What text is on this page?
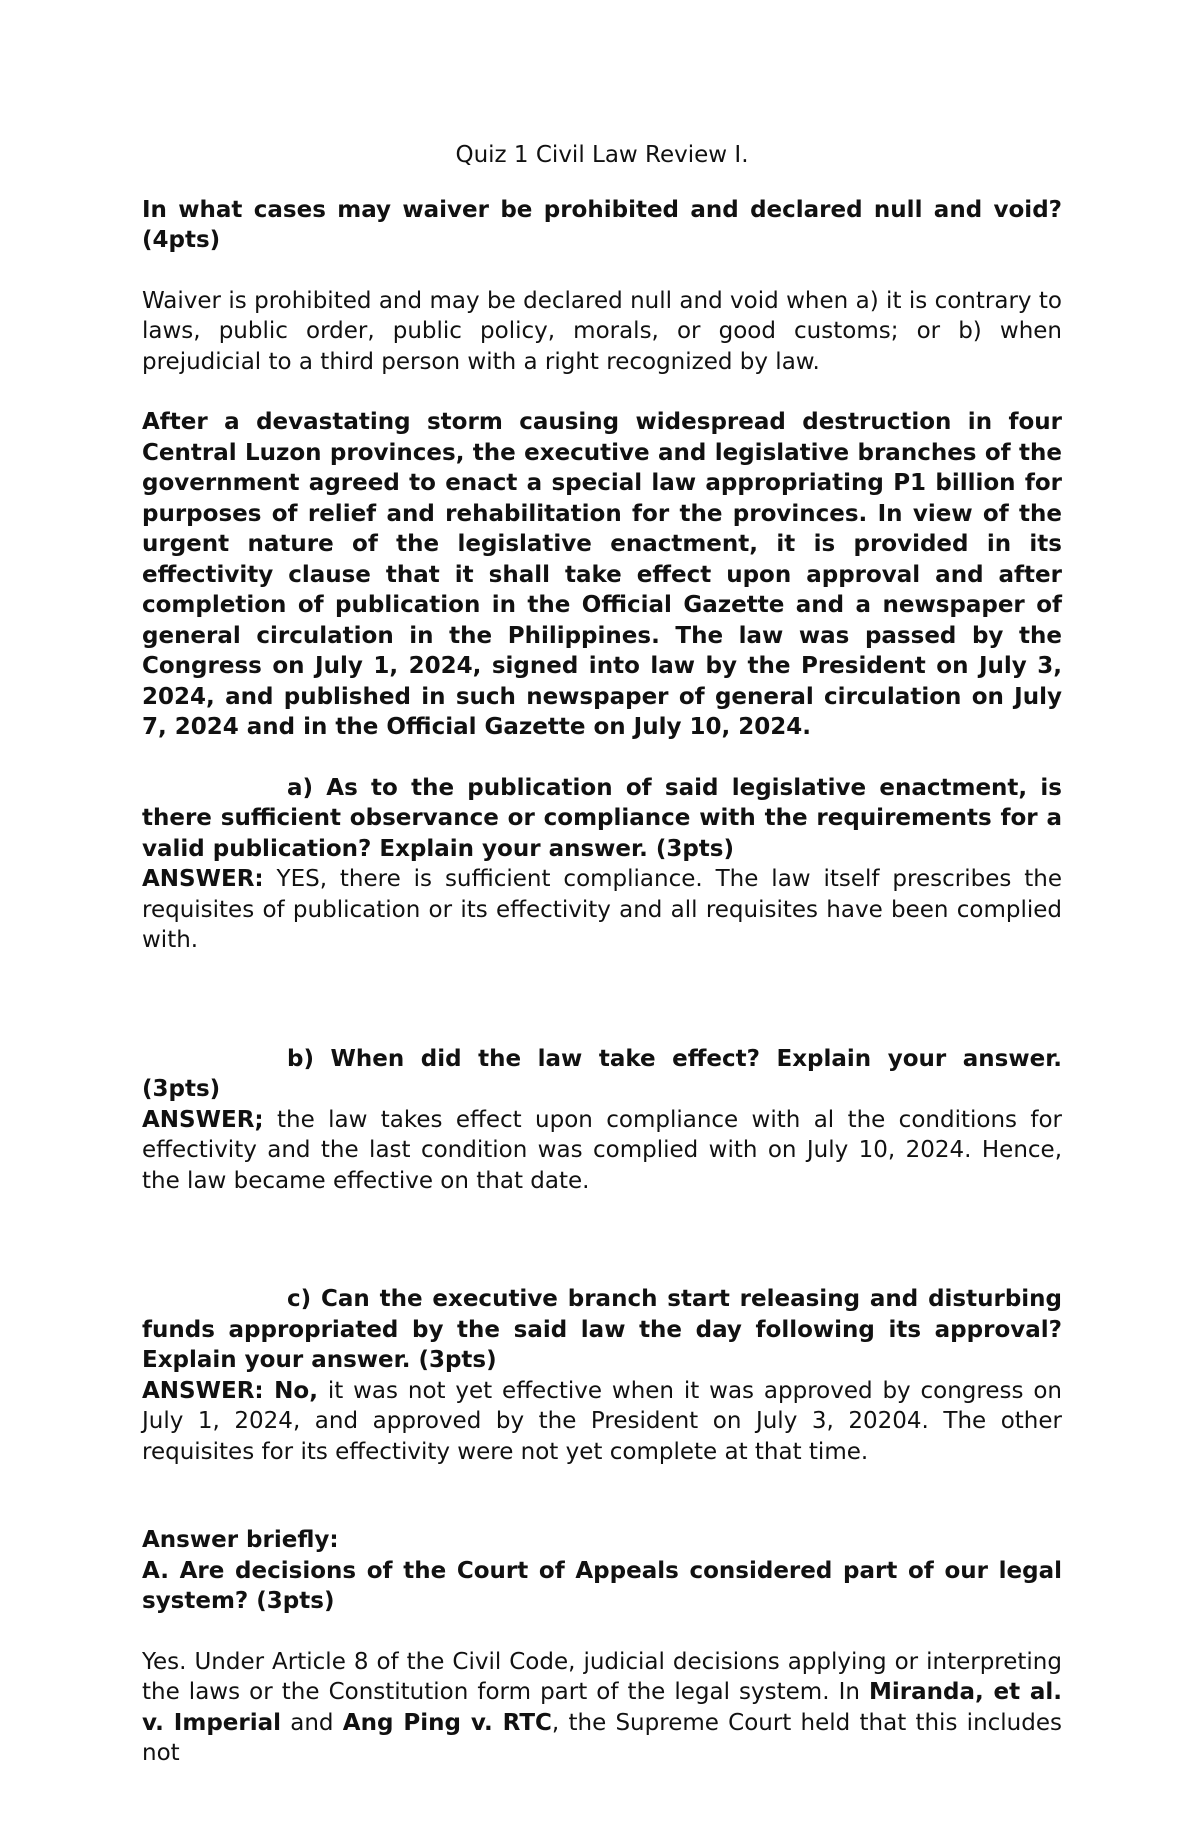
Quiz 1 Civil Law Review I.

In what cases may waiver be prohibited and declared null and void? (4pts)

Waiver is prohibited and may be declared null and void when a) it is contrary to laws, public order, public policy, morals, or good customs; or b) when prejudicial to a third person with a right recognized by law.

After a devastating storm causing widespread destruction in four Central Luzon provinces, the executive and legislative branches of the government agreed to enact a special law appropriating P1 billion for purposes of relief and rehabilitation for the provinces. In view of the urgent nature of the legislative enactment, it is provided in its effectivity clause that it shall take effect upon approval and after completion of publication in the Official Gazette and a newspaper of general circulation in the Philippines. The law was passed by the Congress on July 1, 2024, signed into law by the President on July 3, 2024, and published in such newspaper of general circulation on July 7, 2024 and in the Official Gazette on July 10, 2024.

a) As to the publication of said legislative enactment, is there sufficient observance or compliance with the requirements for a valid publication? Explain your answer. (3pts)

ANSWER: YES, there is sufficient compliance. The law itself prescribes the requisites of publication or its effectivity and all requisites have been complied with.

b) When did the law take effect? Explain your answer. (3pts)

ANSWER; the law takes effect upon compliance with al the conditions for effectivity and the last condition was complied with on July 10, 2024. Hence, the law became effective on that date.

c) Can the executive branch start releasing and disturbing funds appropriated by the said law the day following its approval? Explain your answer. (3pts)

ANSWER: No, it was not yet effective when it was approved by congress on July 1, 2024, and approved by the President on July 3, 20204. The other requisites for its effectivity were not yet complete at that time.

Answer briefly:

A. Are decisions of the Court of Appeals considered part of our legal system? (3pts)

Yes. Under Article 8 of the Civil Code, judicial decisions applying or interpreting the laws or the Constitution form part of the legal system. In Miranda, et al. v. Imperial and Ang Ping v. RTC, the Supreme Court held that this includes not
